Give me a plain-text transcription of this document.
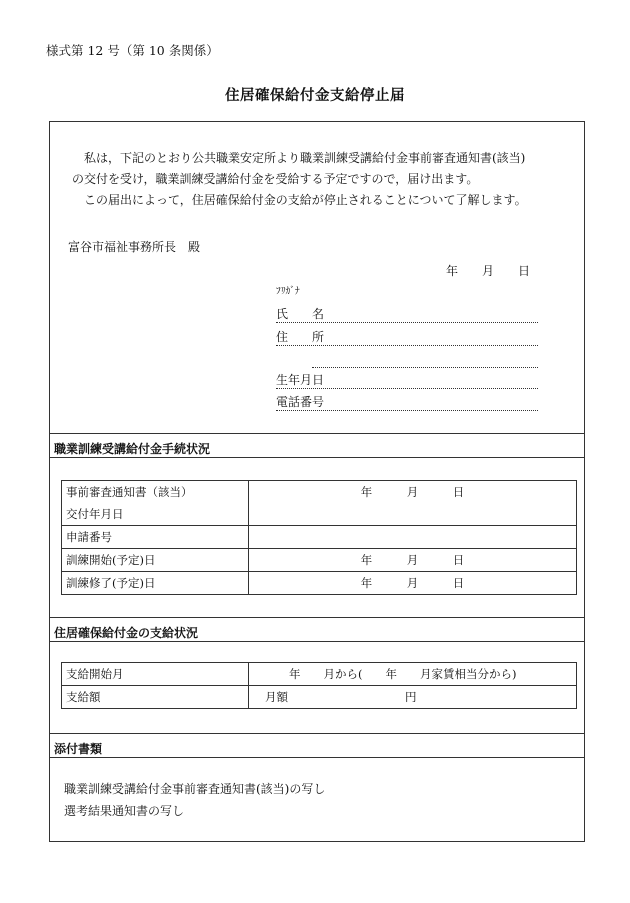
様式第 12 号（第 10 条関係）
住居確保給付金支給停止届

私は，下記のとおり公共職業安定所より職業訓練受講給付金事前審査通知書(該当)

の交付を受け，職業訓練受講給付金を受給する予定ですので，届け出ます。

この届出によって，住居確保給付金の支給が停止されることについて了解します。

富谷市福祉事務所長　殿
年　　月　　日
ﾌﾘｶﾞﾅ
氏　　名
住　　所
生年月日
電話番号
職業訓練受講給付金手続状況
事前審査通知書（該当）
交付年月日	年　　　月　　　日
申請番号	
訓練開始(予定)日	年　　　月　　　日
訓練修了(予定)日	年　　　月　　　日
住居確保給付金の支給状況
支給開始月	年　　月から(　　年　　月家賃相当分から)
支給額	月額 円
添付書類
職業訓練受講給付金事前審査通知書(該当)の写し
選考結果通知書の写し
